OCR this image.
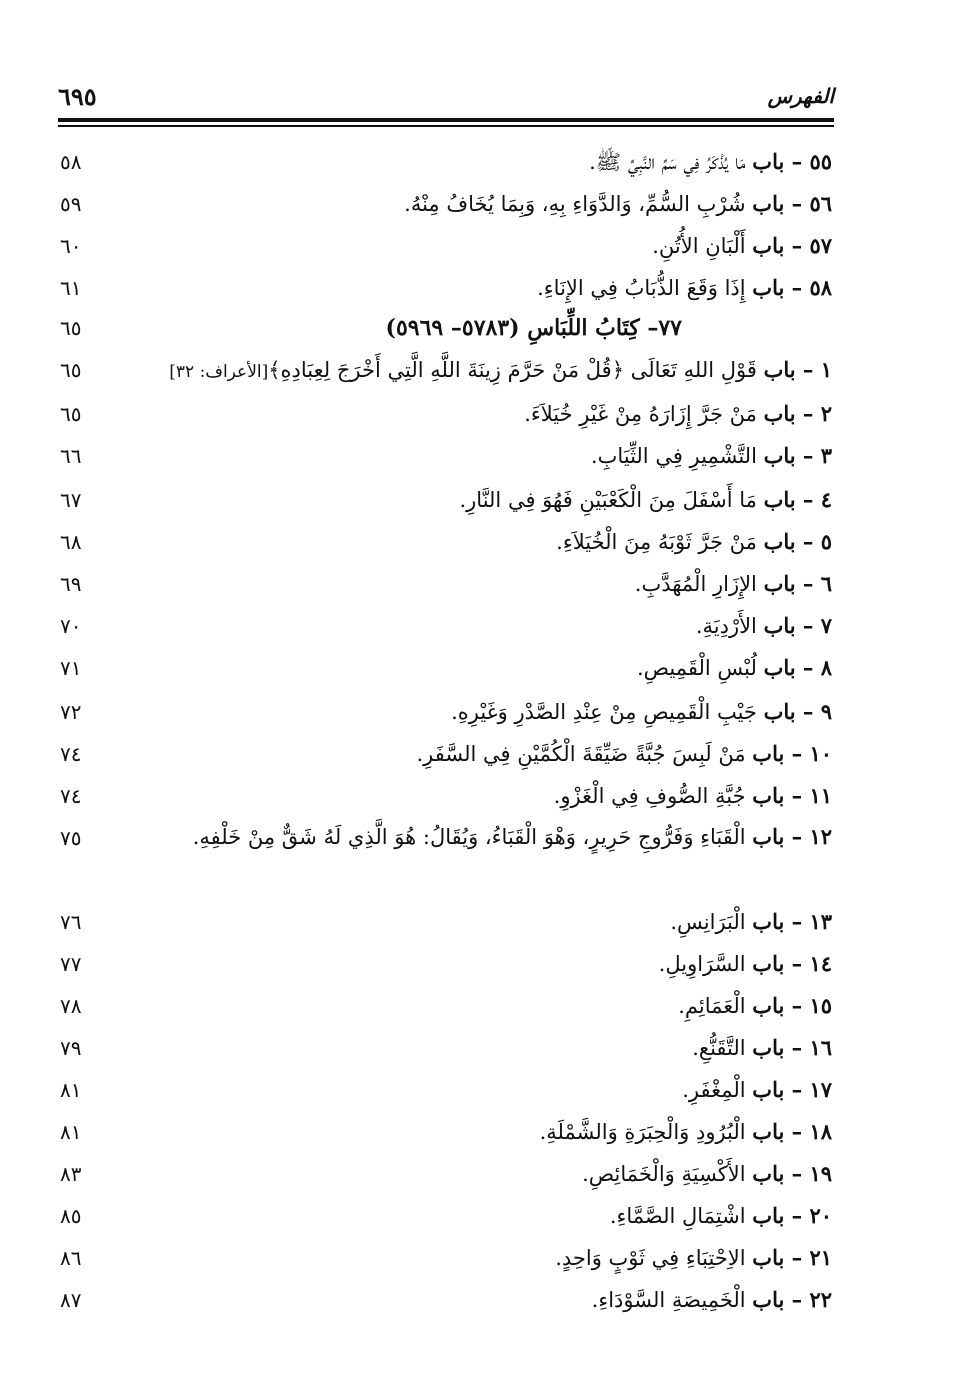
الفهرس
٦٩٥
٥٥ – باب مَا يُذْكَرُ فِي سَمِّ النَّبِيِّ ﷺ.
٥٨
٥٦ – باب شُرْبِ السُّمِّ، وَالدَّوَاءِ بِهِ، وَبِمَا يُخَافُ مِنْهُ.
٥٩
٥٧ – باب أَلْبَانِ الأُتُنِ.
٦٠
٥٨ – باب إِذَا وَقَعَ الذُّبَابُ فِي الإِنَاءِ.
٦١
٧٧– كِتَابُ اللِّبَاسِ (٥٧٨٣– ٥٩٦٩)
٦٥
١ – باب قَوْلِ اللهِ تَعَالَى ﴿قُلْ مَنْ حَرَّمَ زِينَةَ اللَّهِ الَّتِي أَخْرَجَ لِعِبَادِهِ﴾[الأعراف: ٣٢]
٦٥
٢ – باب مَنْ جَرَّ إِزَارَهُ مِنْ غَيْرِ خُيَلاَءَ.
٦٥
٣ – باب التَّشْمِيرِ فِي الثِّيَابِ.
٦٦
٤ – باب مَا أَسْفَلَ مِنَ الْكَعْبَيْنِ فَهُوَ فِي النَّارِ.
٦٧
٥ – باب مَنْ جَرَّ ثَوْبَهُ مِنَ الْخُيَلاَءِ.
٦٨
٦ – باب الإِزَارِ الْمُهَدَّبِ.
٦٩
٧ – باب الأَرْدِيَةِ.
٧٠
٨ – باب لُبْسِ الْقَمِيصِ.
٧١
٩ – باب جَيْبِ الْقَمِيصِ مِنْ عِنْدِ الصَّدْرِ وَغَيْرِهِ.
٧٢
١٠ – باب مَنْ لَبِسَ جُبَّةً ضَيِّقَةَ الْكُمَّيْنِ فِي السَّفَرِ.
٧٤
١١ – باب جُبَّةِ الصُّوفِ فِي الْغَزْوِ.
٧٤
١٢ – باب الْقَبَاءِ وَفَرُّوجِ حَرِيرٍ، وَهْوَ الْقَبَاءُ، وَيُقَالُ: هُوَ الَّذِي لَهُ شَقٌّ مِنْ خَلْفِهِ.
٧٥
١٣ – باب الْبَرَانِسِ.
٧٦
١٤ – باب السَّرَاوِيلِ.
٧٧
١٥ – باب الْعَمَائِمِ.
٧٨
١٦ – باب التَّقَنُّعِ.
٧٩
١٧ – باب الْمِغْفَرِ.
٨١
١٨ – باب الْبُرُودِ وَالْحِبَرَةِ وَالشَّمْلَةِ.
٨١
١٩ – باب الأَكْسِيَةِ وَالْخَمَائِصِ.
٨٣
٢٠ – باب اشْتِمَالِ الصَّمَّاءِ.
٨٥
٢١ – باب الاِحْتِبَاءِ فِي ثَوْبٍ وَاحِدٍ.
٨٦
٢٢ – باب الْخَمِيصَةِ السَّوْدَاءِ.
٨٧
